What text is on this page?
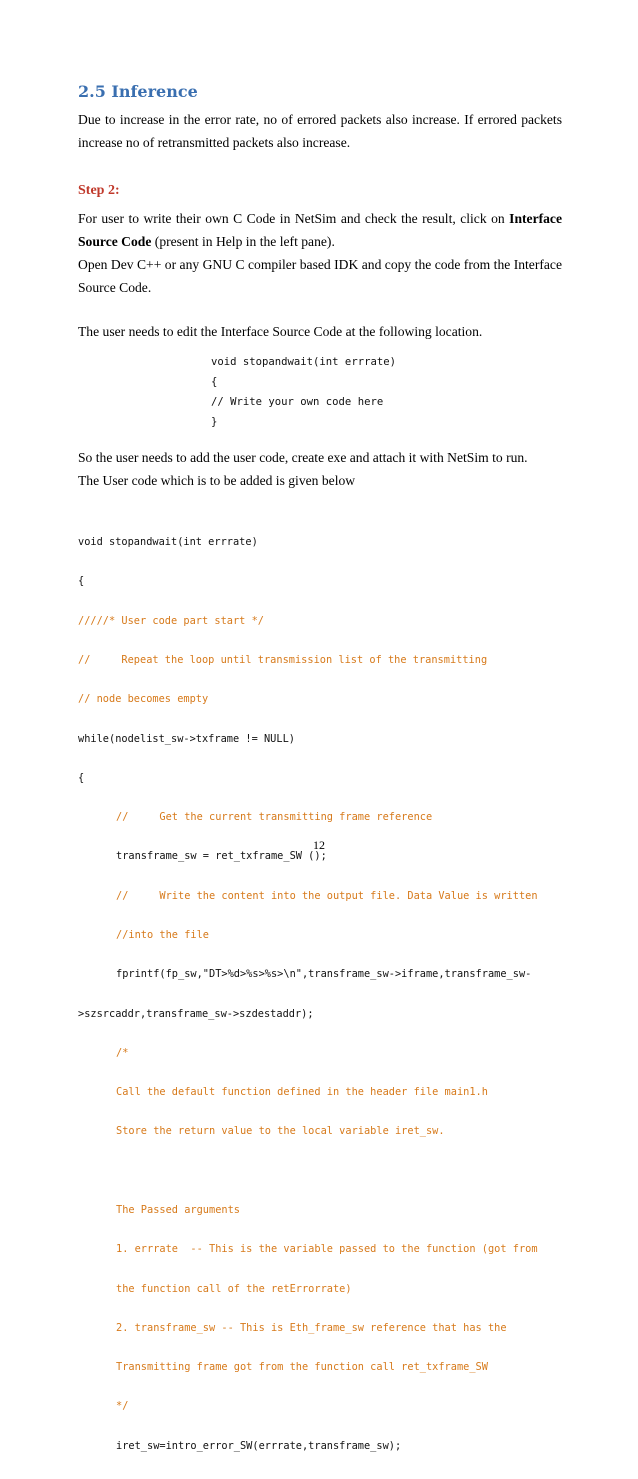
2.5 Inference
Due to increase in the error rate, no of errored packets also increase. If errored packets increase no of retransmitted packets also increase.
Step 2:
For user to write their own C Code in NetSim and check the result, click on Interface Source Code (present in Help in the left pane).
Open Dev C++ or any GNU C compiler based IDK and copy the code from the Interface Source Code.
The user needs to edit the Interface Source Code at the following location.
void stopandwait(int errrate)
{
// Write your own code here
}
So the user needs to add the user code, create exe and attach it with NetSim to run.
The User code which is to be added is given below

void stopandwait(int errrate)

{

/////* User code part start */

//     Repeat the loop until transmission list of the transmitting

// node becomes empty

while(nodelist_sw->txframe != NULL)

{

//     Get the current transmitting frame reference

transframe_sw = ret_txframe_SW ();

//     Write the content into the output file. Data Value is written

//into the file

fprintf(fp_sw,"DT>%d>%s>%s>\n",transframe_sw->iframe,transframe_sw-

>szsrcaddr,transframe_sw->szdestaddr);

/*

Call the default function defined in the header file main1.h

Store the return value to the local variable iret_sw.

The Passed arguments

1. errrate  -- This is the variable passed to the function (got from

the function call of the retErrorrate)

2. transframe_sw -- This is Eth_frame_sw reference that has the

Transmitting frame got from the function call ret_txframe_SW

*/

iret_sw=intro_error_SW(errrate,transframe_sw);

12
